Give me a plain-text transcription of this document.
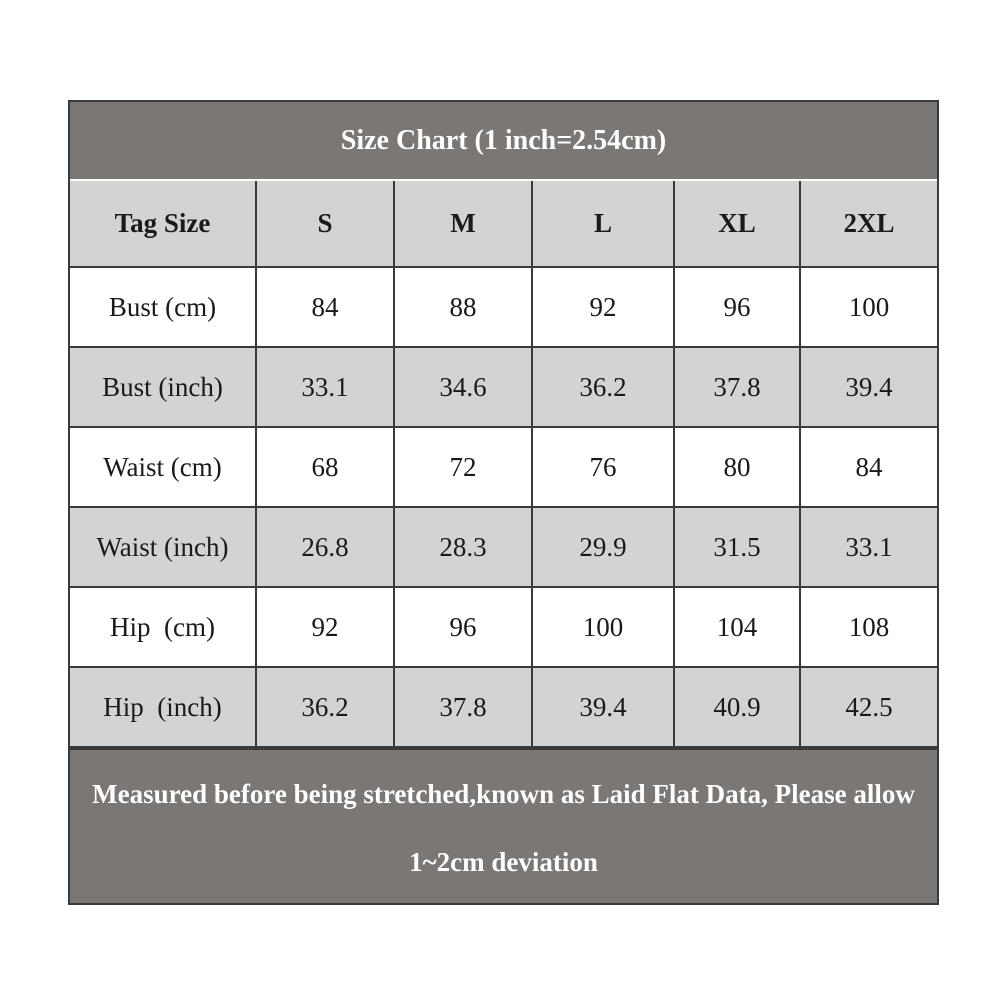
Size Chart (1 inch=2.54cm)
Tag Size	S	M	L	XL	2XL
Bust (cm)	84	88	92	96	100
Bust (inch)	33.1	34.6	36.2	37.8	39.4
Waist (cm)	68	72	76	80	84
Waist (inch)	26.8	28.3	29.9	31.5	33.1
Hip  (cm)	92	96	100	104	108
Hip  (inch)	36.2	37.8	39.4	40.9	42.5
Measured before being stretched,known as Laid Flat Data, Please allow
1~2cm deviation
